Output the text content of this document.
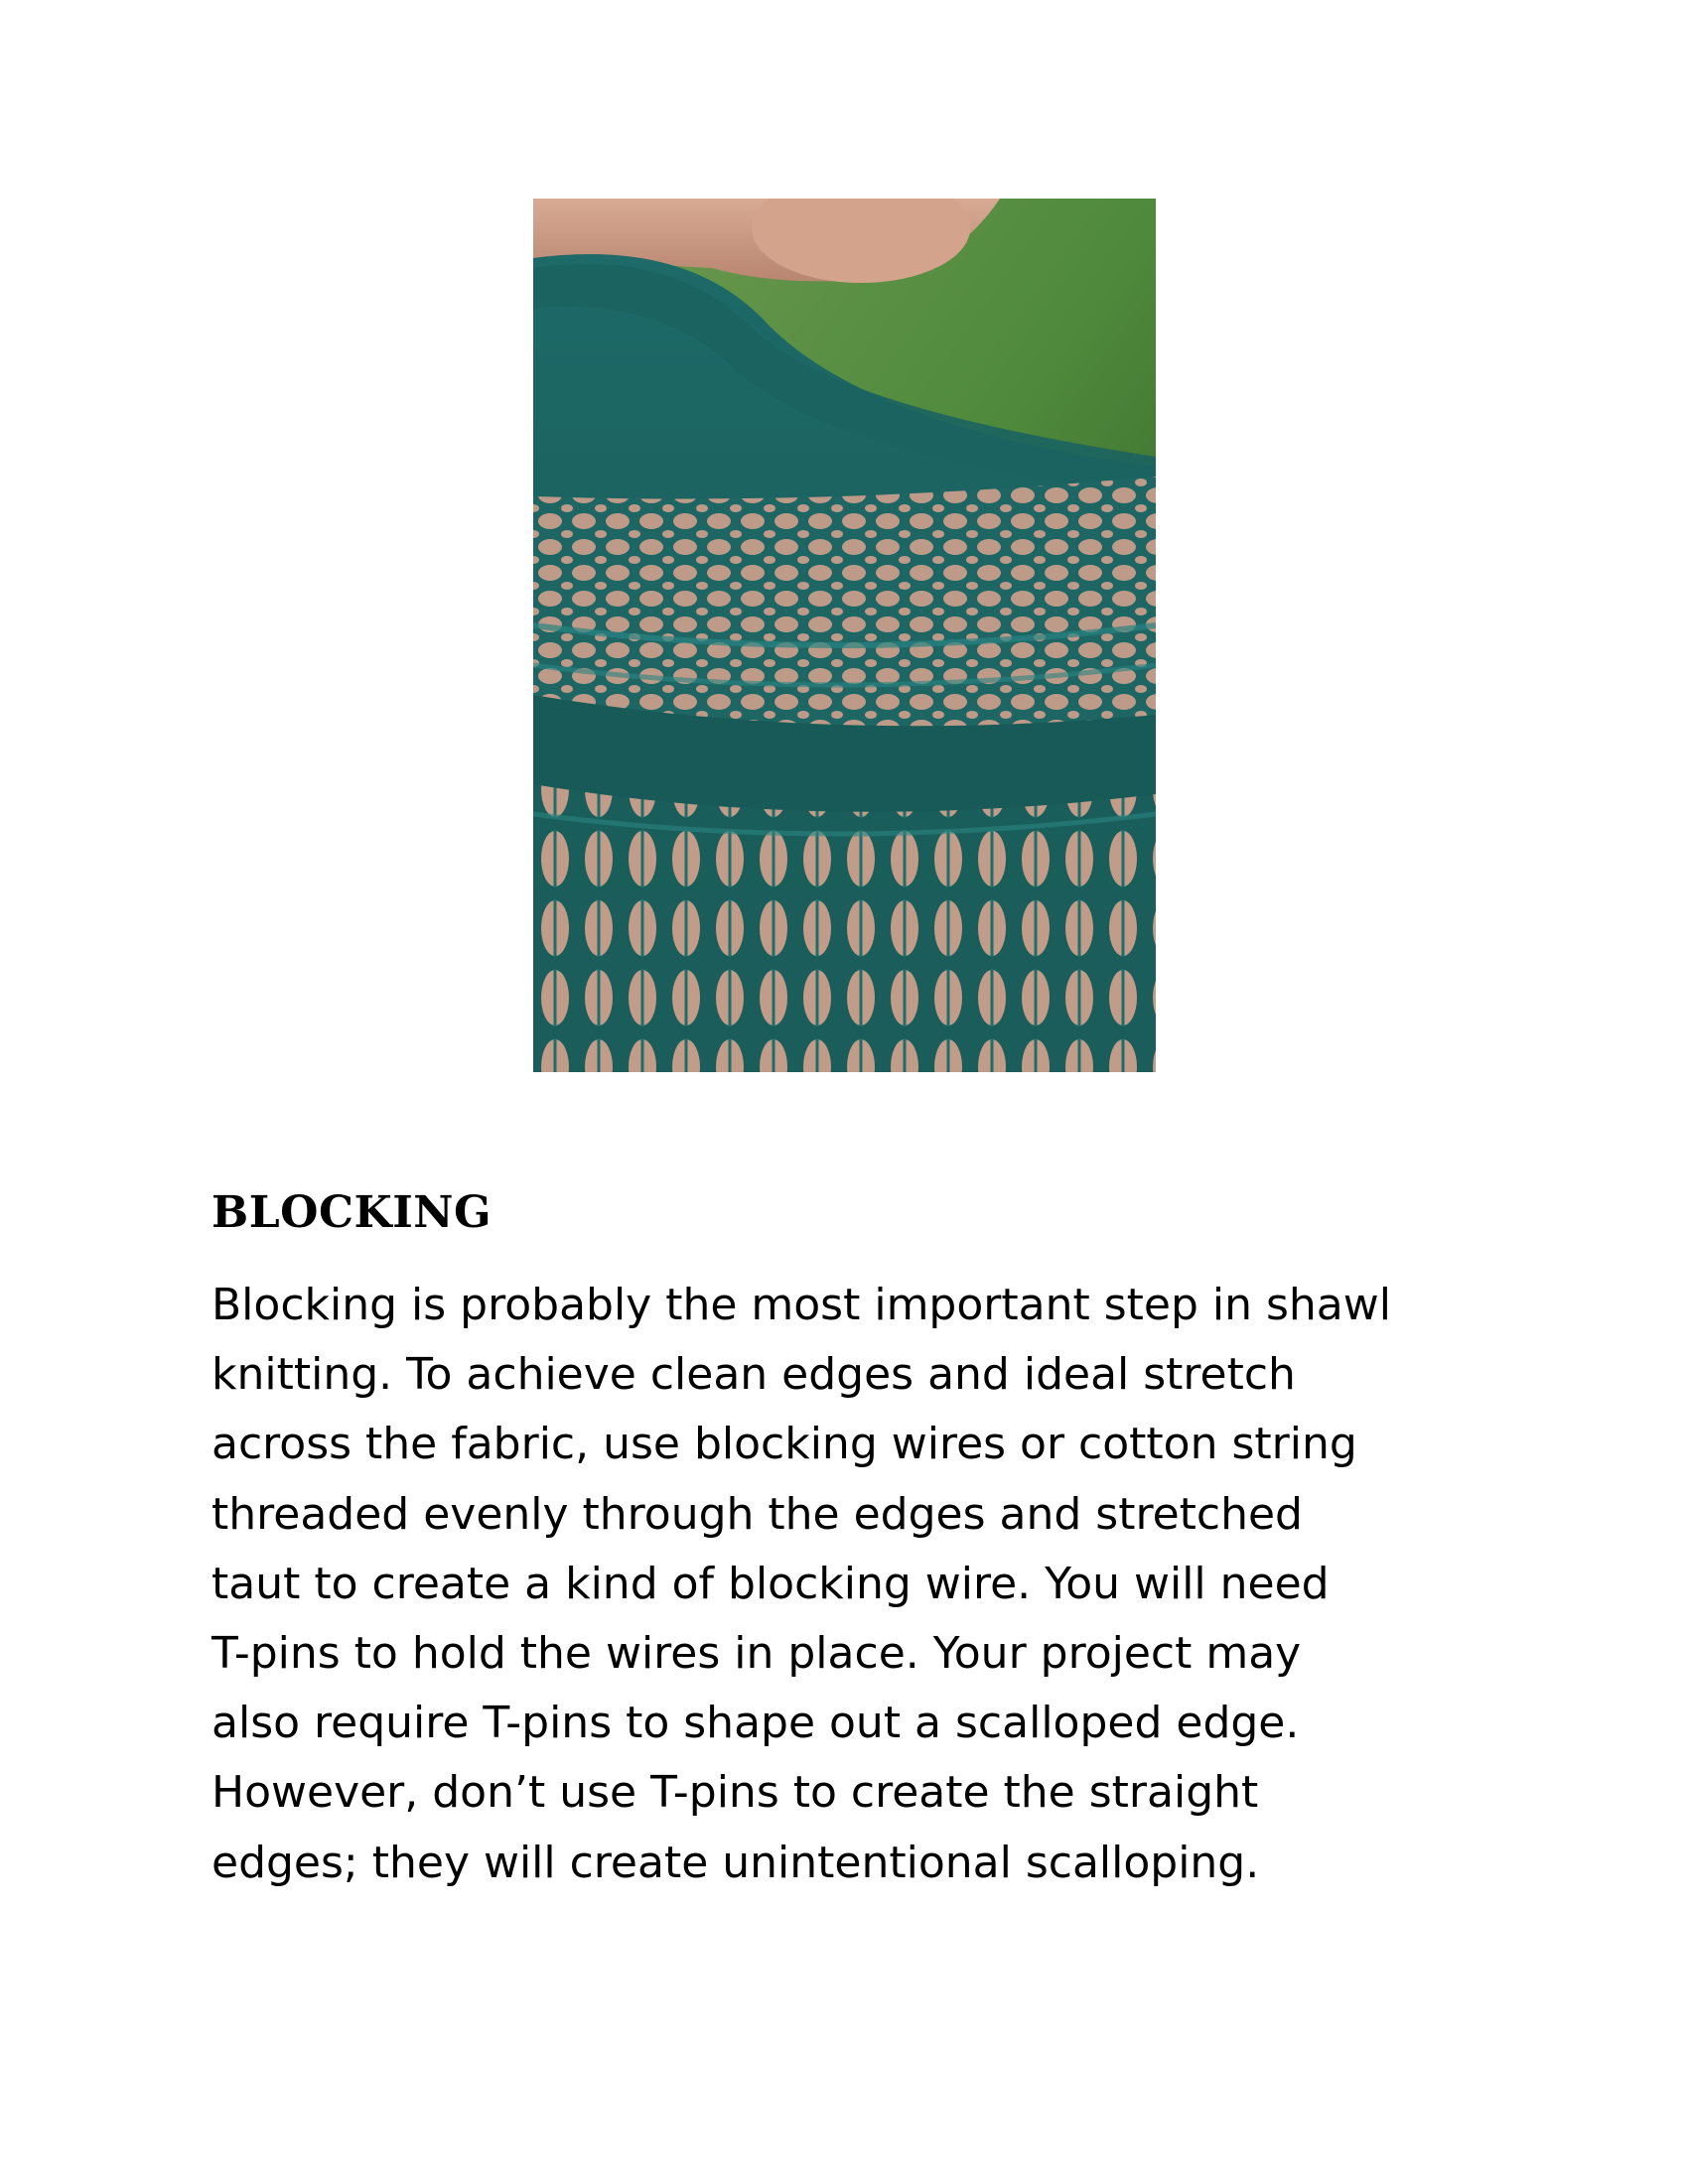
BLOCKING

Blocking is probably the most important step in shawl
knitting. To achieve clean edges and ideal stretch
across the fabric, use blocking wires or cotton string
threaded evenly through the edges and stretched
taut to create a kind of blocking wire. You will need
T-pins to hold the wires in place. Your project may
also require T-pins to shape out a scalloped edge.
However, don’t use T-pins to create the straight
edges; they will create unintentional scalloping.
